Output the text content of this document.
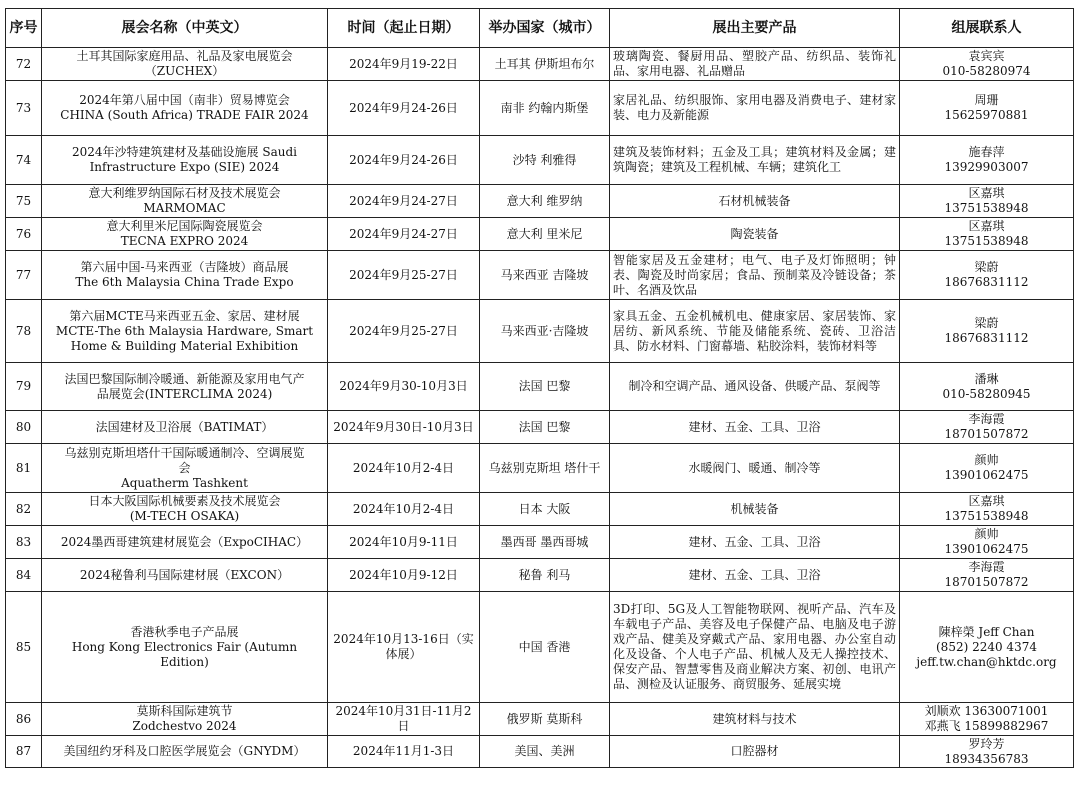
序号	展会名称（中英文）	时间（起止日期）	举办国家（城市）	展出主要产品	组展联系人

72	土耳其国际家庭用品、礼品及家电展览会
（ZUCHEX）	2024年9月19-22日	土耳其 伊斯坦布尔	玻璃陶瓷、餐厨用品、塑胶产品、纺织品、装饰礼品、家用电器、礼品赠品	袁宾宾
010-58280974

73	2024年第八届中国（南非）贸易博览会
CHINA (South Africa) TRADE FAIR 2024	2024年9月24-26日	南非 约翰内斯堡	家居礼品、纺织服饰、家用电器及消费电子、建材家装、电力及新能源	周珊
15625970881

74	2024年沙特建筑建材及基础设施展 Saudi
Infrastructure Expo (SIE) 2024	2024年9月24-26日	沙特 利雅得	建筑及装饰材料；五金及工具；建筑材料及金属；建筑陶瓷；建筑及工程机械、车辆；建筑化工	施春萍
13929903007

75	意大利维罗纳国际石材及技术展览会
MARMOMAC	2024年9月24-27日	意大利 维罗纳	石材机械装备	区嘉琪
13751538948

76	意大利里米尼国际陶瓷展览会
TECNA EXPRO 2024	2024年9月24-27日	意大利 里米尼	陶瓷装备	区嘉琪
13751538948

77	第六届中国-马来西亚（吉隆坡）商品展
The 6th Malaysia China Trade Expo	2024年9月25-27日	马来西亚 吉隆坡	智能家居及五金建材；电气、电子及灯饰照明；钟表、陶瓷及时尚家居；食品、预制菜及冷链设备；茶叶、名酒及饮品	梁蔚
18676831112

78	第六届MCTE马来西亚五金、家居、建材展
MCTE-The 6th Malaysia Hardware, Smart
Home & Building Material Exhibition	2024年9月25-27日	马来西亚·吉隆坡	家具五金、五金机械机电、健康家居、家居装饰、家居纺、新风系统、节能及储能系统、瓷砖、卫浴洁具、防水材料、门窗幕墙、粘胶涂料，装饰材料等	梁蔚
18676831112

79	法国巴黎国际制冷暖通、新能源及家用电气产
品展览会(INTERCLIMA 2024)	2024年9月30-10月3日	法国 巴黎	制冷和空调产品、通风设备、供暖产品、泵阀等	潘琳
010-58280945

80	法国建材及卫浴展（BATIMAT）	2024年9月30日-10月3日	法国 巴黎	建材、五金、工具、卫浴	李海霞
18701507872

81	乌兹别克斯坦塔什干国际暖通制冷、空调展览
会
Aquatherm Tashkent	2024年10月2-4日	乌兹别克斯坦 塔什干	水暖阀门、暖通、制冷等	颜帅
13901062475

82	日本大阪国际机械要素及技术展览会
(M-TECH OSAKA)	2024年10月2-4日	日本 大阪	机械装备	区嘉琪
13751538948

83	2024墨西哥建筑建材展览会（ExpoCIHAC）	2024年10月9-11日	墨西哥 墨西哥城	建材、五金、工具、卫浴	颜帅
13901062475

84	2024秘鲁利马国际建材展（EXCON）	2024年10月9-12日	秘鲁 利马	建材、五金、工具、卫浴	李海霞
18701507872

85	香港秋季电子产品展
Hong Kong Electronics Fair (Autumn
Edition)	2024年10月13-16日（实体展）	中国 香港	3D打印、5G及人工智能物联网、视听产品、汽车及车载电子产品、美容及电子保健产品、电脑及电子游戏产品、健美及穿戴式产品、家用电器、办公室自动化及设备、个人电子产品、机械人及无人操控技术、保安产品、智慧零售及商业解决方案、初创、电讯产品、测检及认证服务、商贸服务、延展实境	陳梓榮 Jeff Chan
(852) 2240 4374
jeff.tw.chan@hktdc.org

86	莫斯科国际建筑节
Zodchestvo 2024	2024年10月31日-11月2日	俄罗斯 莫斯科	建筑材料与技术	刘顺欢 13630071001
邓燕飞 15899882967

87	美国纽约牙科及口腔医学展览会（GNYDM）	2024年11月1-3日	美国、美洲	口腔器材	罗玲芳
18934356783
